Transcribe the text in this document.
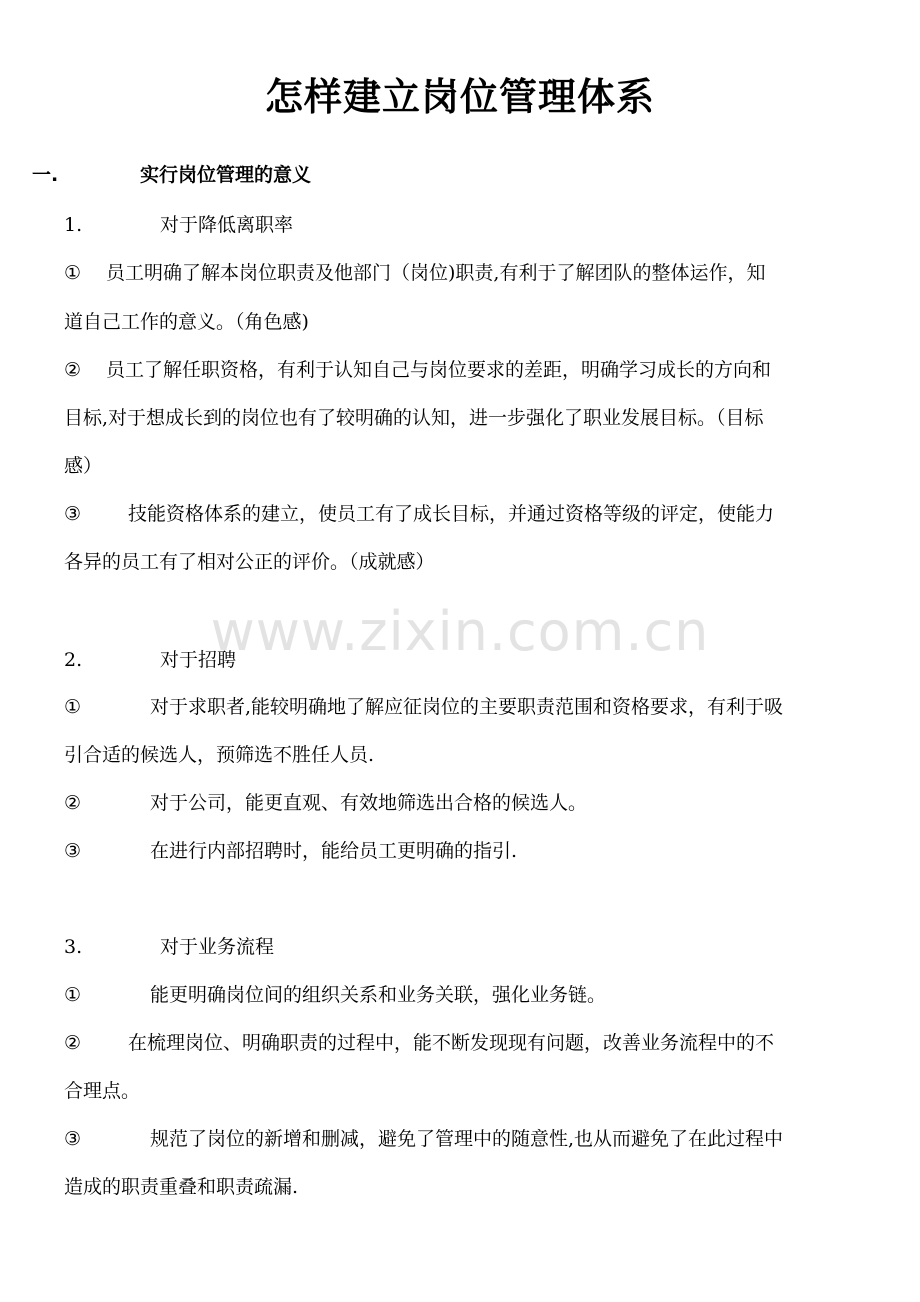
怎样建立岗位管理体系
www.zixin.com.cn
一.	实行岗位管理的意义
1.	对于降低离职率
① 员工明确了解本岗位职责及他部门（岗位)职责,有利于了解团队的整体运作，知
道自己工作的意义。（角色感)
② 员工了解任职资格，有利于认知自己与岗位要求的差距，明确学习成长的方向和
目标,对于想成长到的岗位也有了较明确的认知，进一步强化了职业发展目标。（目标
感）
③ 技能资格体系的建立，使员工有了成长目标，并通过资格等级的评定，使能力
各异的员工有了相对公正的评价。（成就感）
2.	对于招聘
①	对于求职者,能较明确地了解应征岗位的主要职责范围和资格要求，有利于吸
引合适的候选人，预筛选不胜任人员.
②	对于公司，能更直观、有效地筛选出合格的候选人。
③	在进行内部招聘时，能给员工更明确的指引.
3.	对于业务流程
①	能更明确岗位间的组织关系和业务关联，强化业务链。
② 在梳理岗位、明确职责的过程中，能不断发现现有问题，改善业务流程中的不
合理点。
③	规范了岗位的新增和删减，避免了管理中的随意性,也从而避免了在此过程中
造成的职责重叠和职责疏漏.
